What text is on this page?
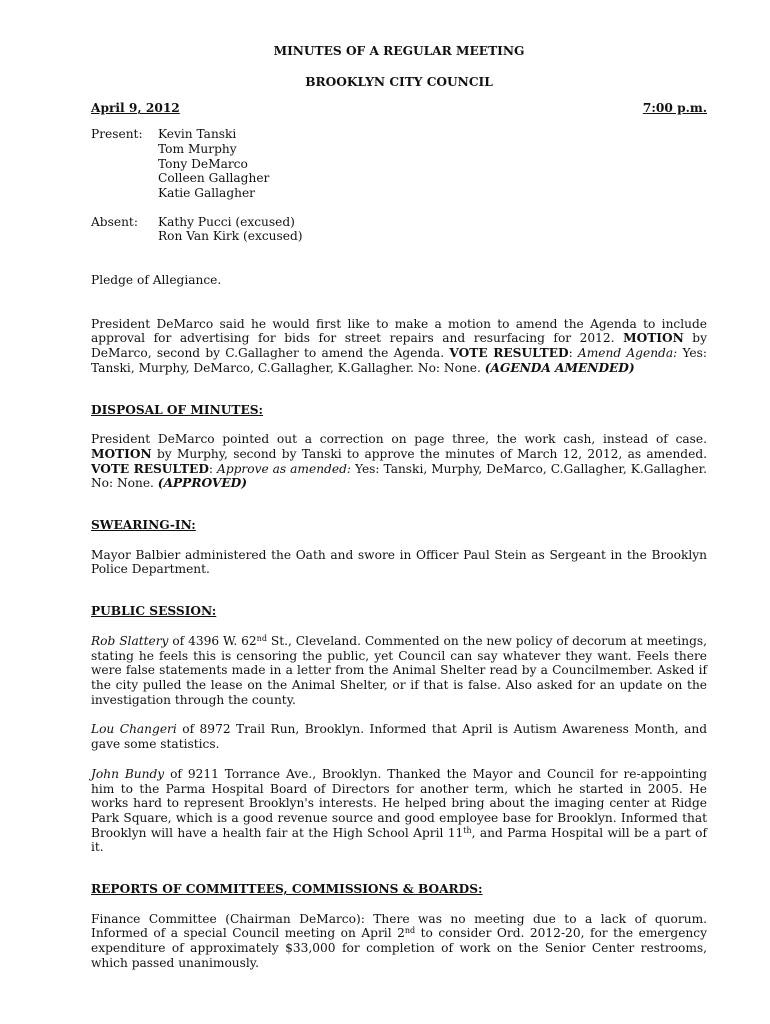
MINUTES OF A REGULAR MEETING
BROOKLYN CITY COUNCIL
April 9, 2012	7:00 p.m.
Present:	Kevin Tanski
Tom Murphy
Tony DeMarco
Colleen Gallagher
Katie Gallagher
Absent:	Kathy Pucci (excused)
Ron Van Kirk (excused)

Pledge of Allegiance.

President DeMarco said he would first like to make a motion to amend the Agenda to include approval for advertising for bids for street repairs and resurfacing for 2012. MOTION by DeMarco, second by C.Gallagher to amend the Agenda. VOTE RESULTED: Amend Agenda: Yes: Tanski, Murphy, DeMarco, C.Gallagher, K.Gallagher. No: None. (AGENDA AMENDED)

DISPOSAL OF MINUTES:

President DeMarco pointed out a correction on page three, the work cash, instead of case. MOTION by Murphy, second by Tanski to approve the minutes of March 12, 2012, as amended. VOTE RESULTED: Approve as amended: Yes: Tanski, Murphy, DeMarco, C.Gallagher, K.Gallagher. No: None. (APPROVED)

SWEARING-IN:

Mayor Balbier administered the Oath and swore in Officer Paul Stein as Sergeant in the Brooklyn Police Department.

PUBLIC SESSION:

Rob Slattery of 4396 W. 62nd St., Cleveland. Commented on the new policy of decorum at meetings, stating he feels this is censoring the public, yet Council can say whatever they want. Feels there were false statements made in a letter from the Animal Shelter read by a Councilmember. Asked if the city pulled the lease on the Animal Shelter, or if that is false. Also asked for an update on the investigation through the county.

Lou Changeri of 8972 Trail Run, Brooklyn. Informed that April is Autism Awareness Month, and gave some statistics.

John Bundy of 9211 Torrance Ave., Brooklyn. Thanked the Mayor and Council for re-appointing him to the Parma Hospital Board of Directors for another term, which he started in 2005. He works hard to represent Brooklyn's interests. He helped bring about the imaging center at Ridge Park Square, which is a good revenue source and good employee base for Brooklyn. Informed that Brooklyn will have a health fair at the High School April 11th, and Parma Hospital will be a part of it.

REPORTS OF COMMITTEES, COMMISSIONS & BOARDS:

Finance Committee (Chairman DeMarco): There was no meeting due to a lack of quorum. Informed of a special Council meeting on April 2nd to consider Ord. 2012-20, for the emergency expenditure of approximately $33,000 for completion of work on the Senior Center restrooms, which passed unanimously.
